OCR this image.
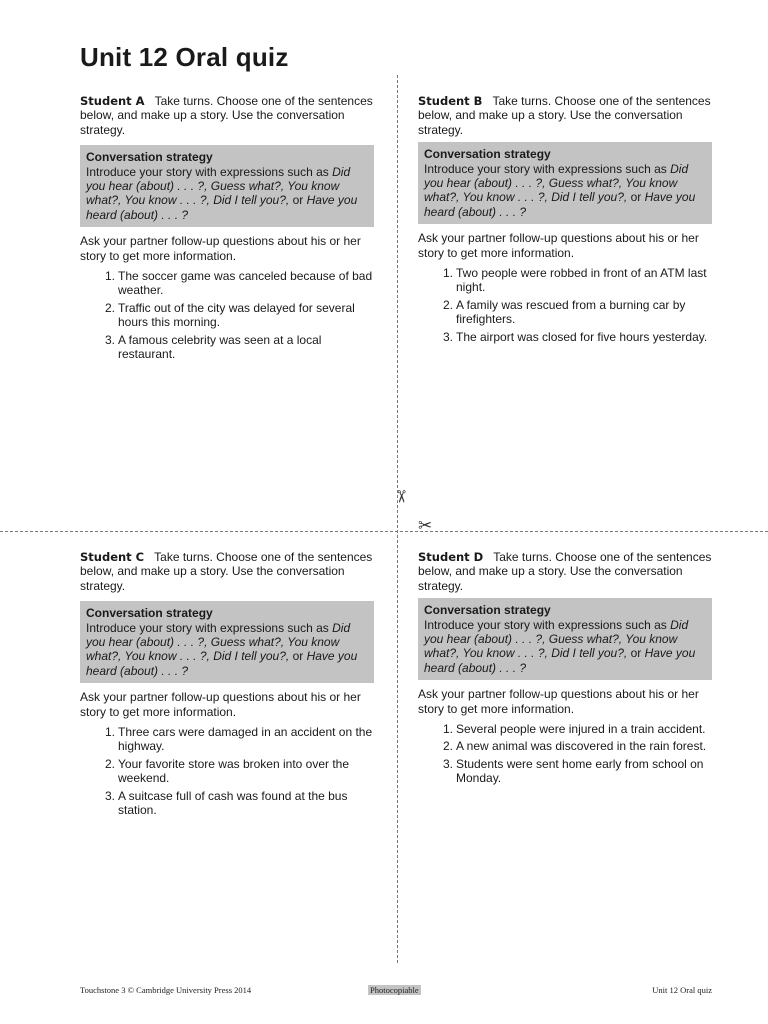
Unit 12 Oral quiz
✂
✂

Student A Take turns. Choose one of the sentences below, and make up a story. Use the conversation strategy.

Conversation strategy

Introduce your story with expressions such as Did you hear (about) . . . ?, Guess what?, You know what?, You know . . . ?, Did I tell you?, or Have you heard (about) . . . ?

Ask your partner follow-up questions about his or her story to get more information.

1. The soccer game was canceled because of bad weather.
2. Traffic out of the city was delayed for several hours this morning.
3. A famous celebrity was seen at a local restaurant.

Student B Take turns. Choose one of the sentences below, and make up a story. Use the conversation strategy.

Conversation strategy

Introduce your story with expressions such as Did you hear (about) . . . ?, Guess what?, You know what?, You know . . . ?, Did I tell you?, or Have you heard (about) . . . ?

Ask your partner follow-up questions about his or her story to get more information.

1. Two people were robbed in front of an ATM last night.
2. A family was rescued from a burning car by firefighters.
3. The airport was closed for five hours yesterday.

Student C Take turns. Choose one of the sentences below, and make up a story. Use the conversation strategy.

Conversation strategy

Introduce your story with expressions such as Did you hear (about) . . . ?, Guess what?, You know what?, You know . . . ?, Did I tell you?, or Have you heard (about) . . . ?

Ask your partner follow-up questions about his or her story to get more information.

1. Three cars were damaged in an accident on the highway.
2. Your favorite store was broken into over the weekend.
3. A suitcase full of cash was found at the bus station.

Student D Take turns. Choose one of the sentences below, and make up a story. Use the conversation strategy.

Conversation strategy

Introduce your story with expressions such as Did you hear (about) . . . ?, Guess what?, You know what?, You know . . . ?, Did I tell you?, or Have you heard (about) . . . ?

Ask your partner follow-up questions about his or her story to get more information.

1. Several people were injured in a train accident.
2. A new animal was discovered in the rain forest.
3. Students were sent home early from school on Monday.
Touchstone 3 © Cambridge University Press 2014	Photocopiable	Unit 12 Oral quiz
